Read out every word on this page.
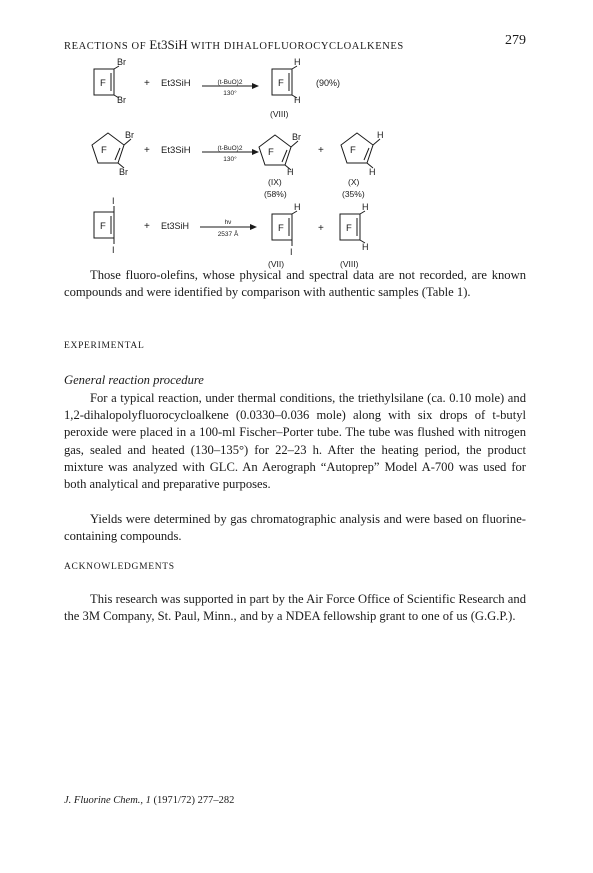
REACTIONS OF Et3SiH WITH DIHALOFLUOROCYCLOALKENES	279
F
Br
Br
+ Et3SiH	(t-BuO)2
130°
F
H
H
(90%)
(VIII)
F
Br
Br
+ Et3SiH	(t-BuO)2
130°
F
Br
H
+	F
H
H
(IX)
(58%)
(X)
(35%)
F
I
I
+ Et3SiH	hν
2537 Å
F
H
I
+ F
H
H
(VII)	(VIII)
Those fluoro-olefins, whose physical and spectral data are not recorded, are known compounds and were identified by comparison with authentic samples (Table 1).
EXPERIMENTAL
General reaction procedure
For a typical reaction, under thermal conditions, the triethylsilane (ca. 0.10 mole) and 1,2-dihalopolyfluorocycloalkene (0.0330–0.036 mole) along with six drops of t-butyl peroxide were placed in a 100-ml Fischer–Porter tube. The tube was flushed with nitrogen gas, sealed and heated (130–135°) for 22–23 h. After the heating period, the product mixture was analyzed with GLC. An Aerograph “Autoprep” Model A-700 was used for both analytical and preparative purposes.
Yields were determined by gas chromatographic analysis and were based on fluorine-containing compounds.
ACKNOWLEDGMENTS
This research was supported in part by the Air Force Office of Scientific Research and the 3M Company, St. Paul, Minn., and by a NDEA fellowship grant to one of us (G.G.P.).
J. Fluorine Chem., 1 (1971/72) 277–282
